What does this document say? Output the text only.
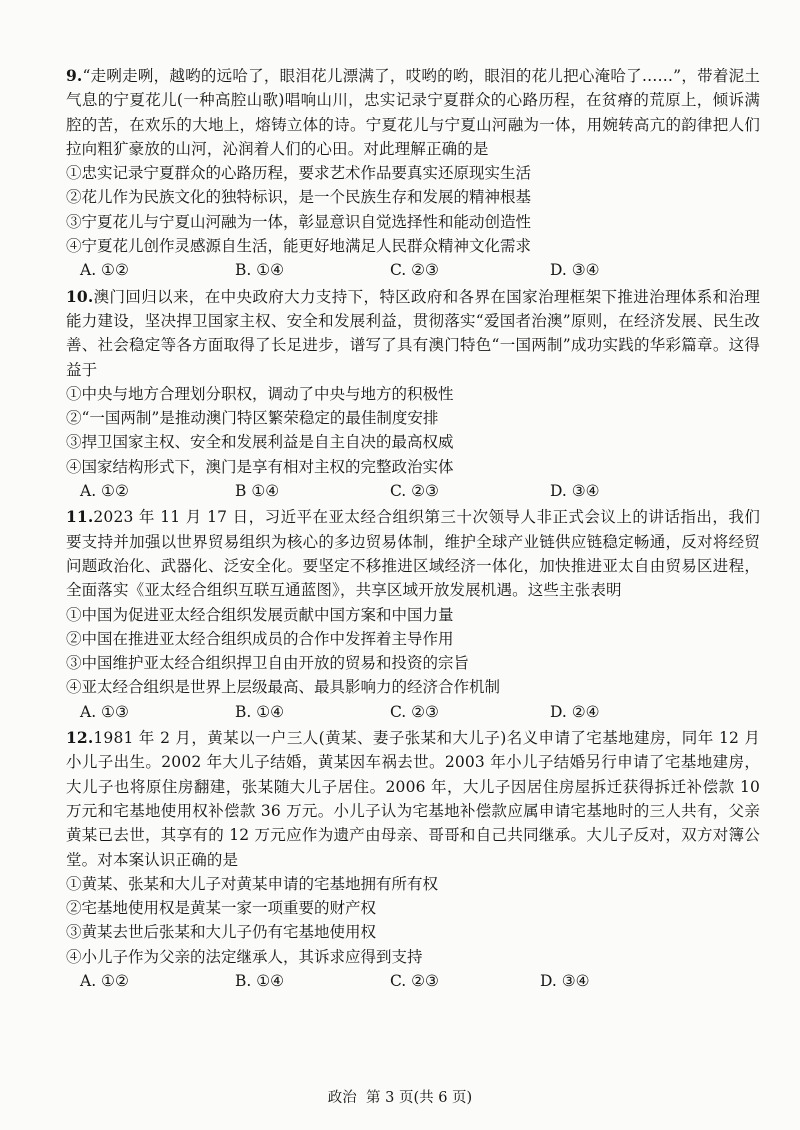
9.“走咧走咧，越哟的远哈了，眼泪花儿漂满了，哎哟的哟，眼泪的花儿把心淹哈了……”，带着泥土气息的宁夏花儿(一种高腔山歌)唱响山川，忠实记录宁夏群众的心路历程，在贫瘠的荒原上，倾诉满腔的苦，在欢乐的大地上，熔铸立体的诗。宁夏花儿与宁夏山河融为一体，用婉转高亢的韵律把人们拉向粗犷豪放的山河，沁润着人们的心田。对此理解正确的是
①忠实记录宁夏群众的心路历程，要求艺术作品要真实还原现实生活
②花儿作为民族文化的独特标识，是一个民族生存和发展的精神根基
③宁夏花儿与宁夏山河融为一体，彰显意识自觉选择性和能动创造性
④宁夏花儿创作灵感源自生活，能更好地满足人民群众精神文化需求
A. ①②	B. ①④	C. ②③	D. ③④
10.澳门回归以来，在中央政府大力支持下，特区政府和各界在国家治理框架下推进治理体系和治理能力建设，坚决捍卫国家主权、安全和发展利益，贯彻落实“爱国者治澳”原则，在经济发展、民生改善、社会稳定等各方面取得了长足进步，谱写了具有澳门特色“一国两制”成功实践的华彩篇章。这得益于
①中央与地方合理划分职权，调动了中央与地方的积极性
②“一国两制”是推动澳门特区繁荣稳定的最佳制度安排
③捍卫国家主权、安全和发展利益是自主自决的最高权威
④国家结构形式下，澳门是享有相对主权的完整政治实体
A. ①②	B ①④	C. ②③	D. ③④
11.2023 年 11 月 17 日，习近平在亚太经合组织第三十次领导人非正式会议上的讲话指出，我们要支持并加强以世界贸易组织为核心的多边贸易体制，维护全球产业链供应链稳定畅通，反对将经贸问题政治化、武器化、泛安全化。要坚定不移推进区域经济一体化，加快推进亚太自由贸易区进程，全面落实《亚太经合组织互联互通蓝图》，共享区域开放发展机遇。这些主张表明
①中国为促进亚太经合组织发展贡献中国方案和中国力量
②中国在推进亚太经合组织成员的合作中发挥着主导作用
③中国维护亚太经合组织捍卫自由开放的贸易和投资的宗旨
④亚太经合组织是世界上层级最高、最具影响力的经济合作机制
A. ①③	B. ①④	C. ②③	D. ②④
12.1981 年 2 月，黄某以一户三人(黄某、妻子张某和大儿子)名义申请了宅基地建房，同年 12 月小儿子出生。2002 年大儿子结婚，黄某因车祸去世。2003 年小儿子结婚另行申请了宅基地建房，大儿子也将原住房翻建，张某随大儿子居住。2006 年，大儿子因居住房屋拆迁获得拆迁补偿款 10 万元和宅基地使用权补偿款 36 万元。小儿子认为宅基地补偿款应属申请宅基地时的三人共有，父亲黄某已去世，其享有的 12 万元应作为遗产由母亲、哥哥和自己共同继承。大儿子反对，双方对簿公堂。对本案认识正确的是
①黄某、张某和大儿子对黄某申请的宅基地拥有所有权
②宅基地使用权是黄某一家一项重要的财产权
③黄某去世后张某和大儿子仍有宅基地使用权
④小儿子作为父亲的法定继承人，其诉求应得到支持
A. ①②	B. ①④	C. ②③	D. ③④
政治 第 3 页(共 6 页)
